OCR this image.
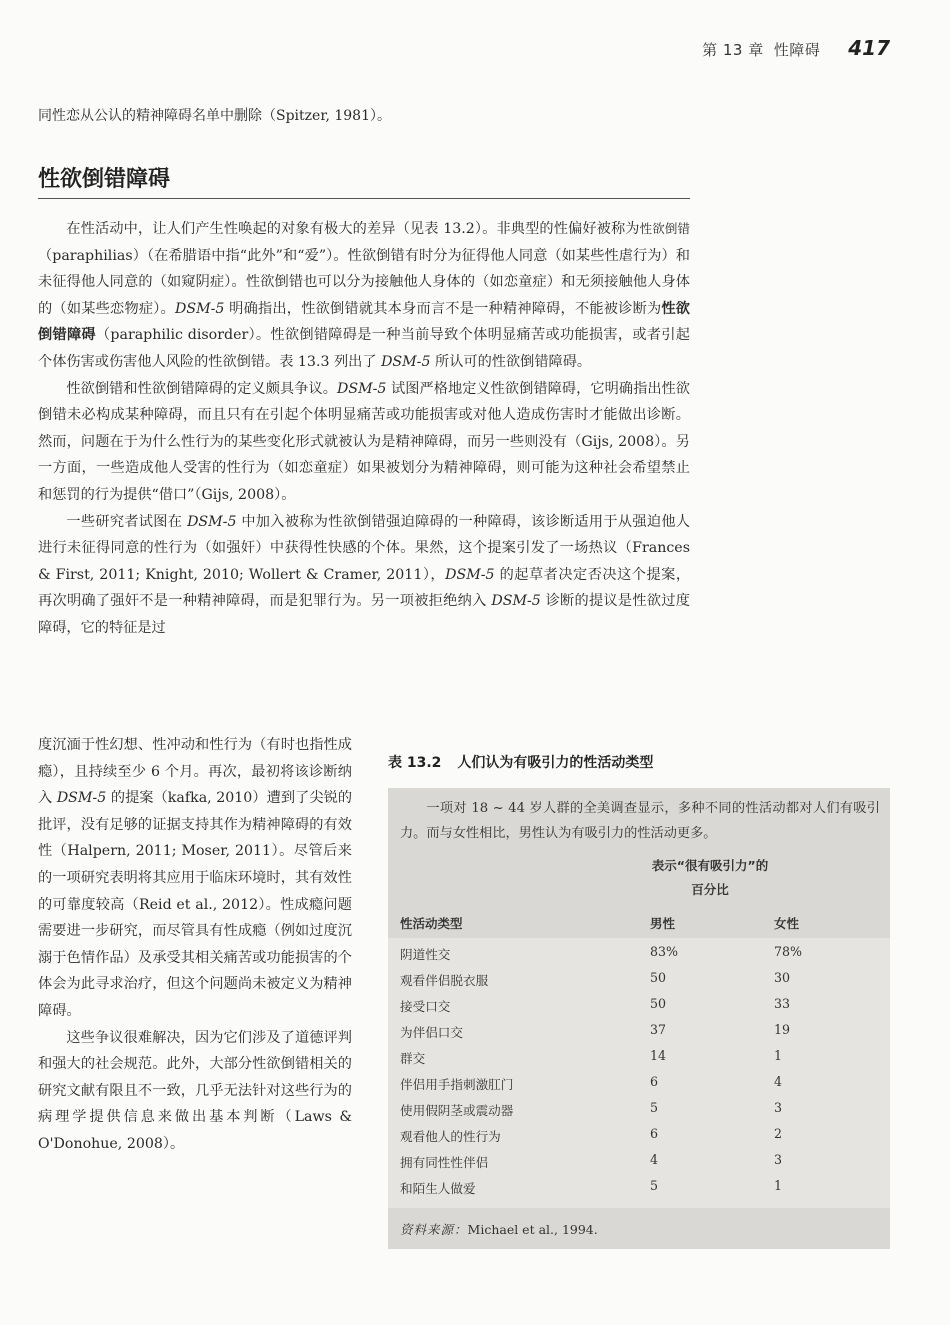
第 13 章 性障碍 417
同性恋从公认的精神障碍名单中删除（Spitzer, 1981）。
性欲倒错障碍

在性活动中，让人们产生性唤起的对象有极大的差异（见表 13.2）。非典型的性偏好被称为性欲倒错（paraphilias）（在希腊语中指“此外”和“爱”）。性欲倒错有时分为征得他人同意（如某些性虐行为）和未征得他人同意的（如窥阴症）。性欲倒错也可以分为接触他人身体的（如恋童症）和无须接触他人身体的（如某些恋物症）。DSM-5 明确指出，性欲倒错就其本身而言不是一种精神障碍，不能被诊断为性欲倒错障碍（paraphilic disorder）。性欲倒错障碍是一种当前导致个体明显痛苦或功能损害，或者引起个体伤害或伤害他人风险的性欲倒错。表 13.3 列出了 DSM-5 所认可的性欲倒错障碍。

性欲倒错和性欲倒错障碍的定义颇具争议。DSM-5 试图严格地定义性欲倒错障碍，它明确指出性欲倒错未必构成某种障碍，而且只有在引起个体明显痛苦或功能损害或对他人造成伤害时才能做出诊断。然而，问题在于为什么性行为的某些变化形式就被认为是精神障碍，而另一些则没有（Gijs, 2008）。另一方面，一些造成他人受害的性行为（如恋童症）如果被划分为精神障碍，则可能为这种社会希望禁止和惩罚的行为提供“借口”（Gijs, 2008）。

一些研究者试图在 DSM-5 中加入被称为性欲倒错强迫障碍的一种障碍，该诊断适用于从强迫他人进行未征得同意的性行为（如强奸）中获得性快感的个体。果然，这个提案引发了一场热议（Frances & First, 2011; Knight, 2010; Wollert & Cramer, 2011），DSM-5 的起草者决定否决这个提案，再次明确了强奸不是一种精神障碍，而是犯罪行为。另一项被拒绝纳入 DSM-5 诊断的提议是性欲过度障碍，它的特征是过

度沉湎于性幻想、性冲动和性行为（有时也指性成瘾），且持续至少 6 个月。再次，最初将该诊断纳入 DSM-5 的提案（kafka, 2010）遭到了尖锐的批评，没有足够的证据支持其作为精神障碍的有效性（Halpern, 2011; Moser, 2011）。尽管后来的一项研究表明将其应用于临床环境时，其有效性的可靠度较高（Reid et al., 2012）。性成瘾问题需要进一步研究，而尽管具有性成瘾（例如过度沉溺于色情作品）及承受其相关痛苦或功能损害的个体会为此寻求治疗，但这个问题尚未被定义为精神障碍。

这些争议很难解决，因为它们涉及了道德评判和强大的社会规范。此外，大部分性欲倒错相关的研究文献有限且不一致，几乎无法针对这些行为的病理学提供信息来做出基本判断（Laws & O'Donohue, 2008）。

表 13.2 人们认为有吸引力的性活动类型
一项对 18 ~ 44 岁人群的全美调查显示，多种不同的性活动都对人们有吸引力。而与女性相比，男性认为有吸引力的性活动更多。
表示“很有吸引力”的百分比
性活动类型	男性	女性
阴道性交	83%	78%
观看伴侣脱衣服	50	30
接受口交	50	33
为伴侣口交	37	19
群交	14	1
伴侣用手指刺激肛门	6	4
使用假阴茎或震动器	5	3
观看他人的性行为	6	2
拥有同性性伴侣	4	3
和陌生人做爱	5	1
资料来源：Michael et al., 1994.
